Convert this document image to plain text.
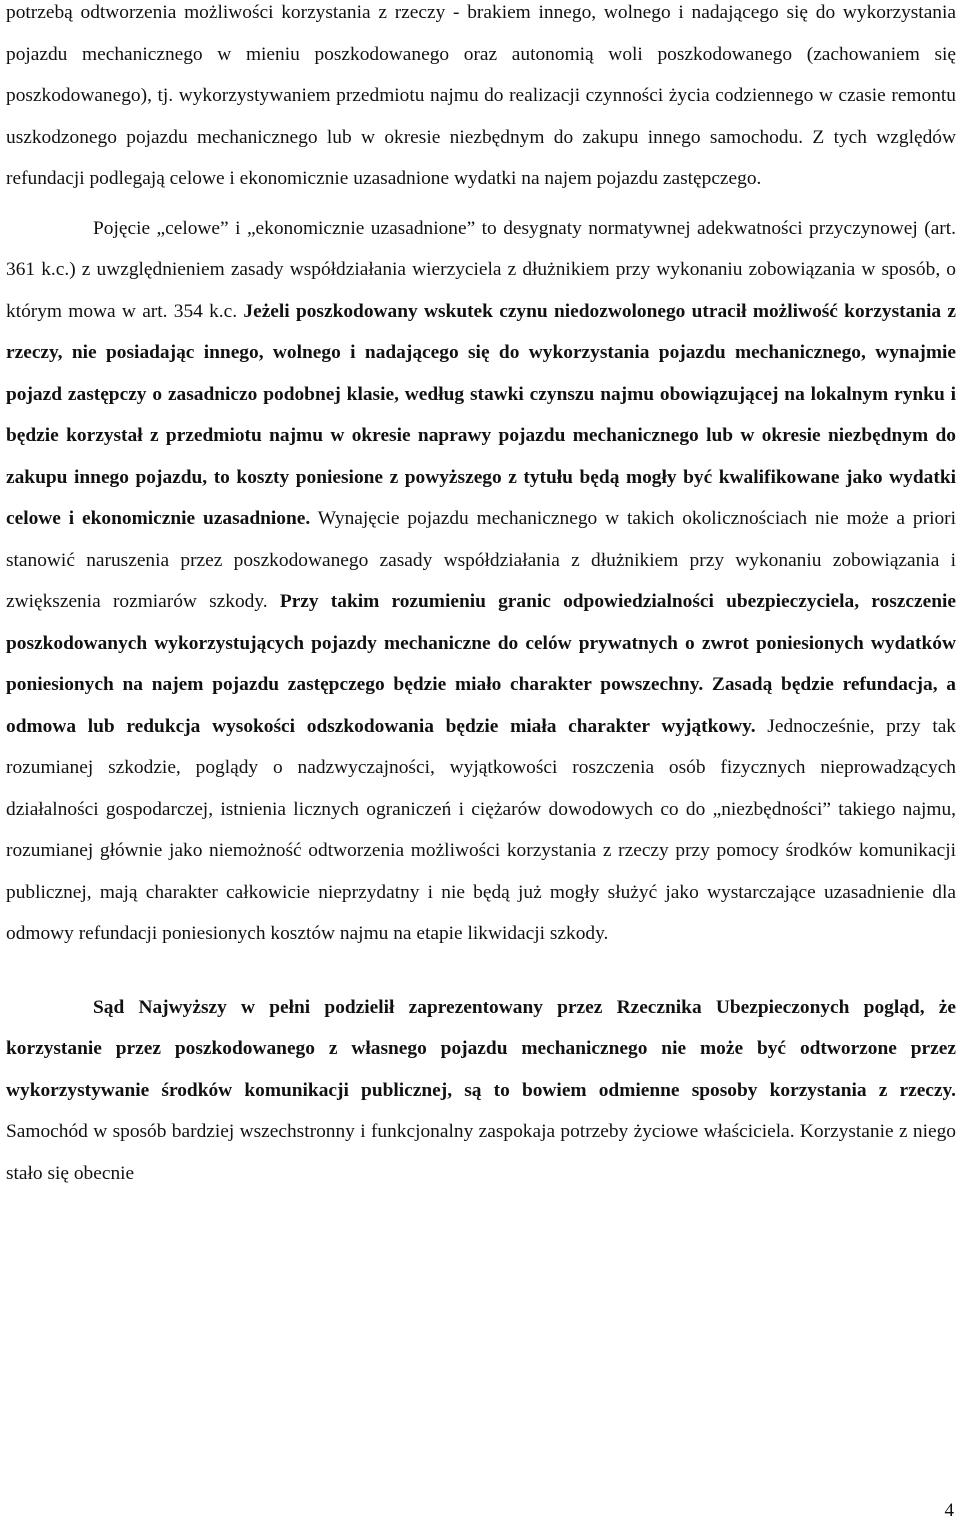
potrzebą odtworzenia możliwości korzystania z rzeczy - brakiem innego, wolnego i nadającego się do wykorzystania pojazdu mechanicznego w mieniu poszkodowanego oraz autonomią woli poszkodowanego (zachowaniem się poszkodowanego), tj. wykorzystywaniem przedmiotu najmu do realizacji czynności życia codziennego w czasie remontu uszkodzonego pojazdu mechanicznego lub w okresie niezbędnym do zakupu innego samochodu. Z tych względów refundacji podlegają celowe i ekonomicznie uzasadnione wydatki na najem pojazdu zastępczego.

Pojęcie „celowe” i „ekonomicznie uzasadnione” to desygnaty normatywnej adekwatności przyczynowej (art. 361 k.c.) z uwzględnieniem zasady współdziałania wierzyciela z dłużnikiem przy wykonaniu zobowiązania w sposób, o którym mowa w art. 354 k.c. Jeżeli poszkodowany wskutek czynu niedozwolonego utracił możliwość korzystania z rzeczy, nie posiadając innego, wolnego i nadającego się do wykorzystania pojazdu mechanicznego, wynajmie pojazd zastępczy o zasadniczo podobnej klasie, według stawki czynszu najmu obowiązującej na lokalnym rynku i będzie korzystał z przedmiotu najmu w okresie naprawy pojazdu mechanicznego lub w okresie niezbędnym do zakupu innego pojazdu, to koszty poniesione z powyższego z tytułu będą mogły być kwalifikowane jako wydatki celowe i ekonomicznie uzasadnione. Wynajęcie pojazdu mechanicznego w takich okolicznościach nie może a priori stanowić naruszenia przez poszkodowanego zasady współdziałania z dłużnikiem przy wykonaniu zobowiązania i zwiększenia rozmiarów szkody. Przy takim rozumieniu granic odpowiedzialności ubezpieczyciela, roszczenie poszkodowanych wykorzystujących pojazdy mechaniczne do celów prywatnych o zwrot poniesionych wydatków poniesionych na najem pojazdu zastępczego będzie miało charakter powszechny. Zasadą będzie refundacja, a odmowa lub redukcja wysokości odszkodowania będzie miała charakter wyjątkowy. Jednocześnie, przy tak rozumianej szkodzie, poglądy o nadzwyczajności, wyjątkowości roszczenia osób fizycznych nieprowadzących działalności gospodarczej, istnienia licznych ograniczeń i ciężarów dowodowych co do „niezbędności” takiego najmu, rozumianej głównie jako niemożność odtworzenia możliwości korzystania z rzeczy przy pomocy środków komunikacji publicznej, mają charakter całkowicie nieprzydatny i nie będą już mogły służyć jako wystarczające uzasadnienie dla odmowy refundacji poniesionych kosztów najmu na etapie likwidacji szkody.

Sąd Najwyższy w pełni podzielił zaprezentowany przez Rzecznika Ubezpieczonych pogląd, że korzystanie przez poszkodowanego z własnego pojazdu mechanicznego nie może być odtworzone przez wykorzystywanie środków komunikacji publicznej, są to bowiem odmienne sposoby korzystania z rzeczy. Samochód w sposób bardziej wszechstronny i funkcjonalny zaspokaja potrzeby życiowe właściciela. Korzystanie z niego stało się obecnie

4
